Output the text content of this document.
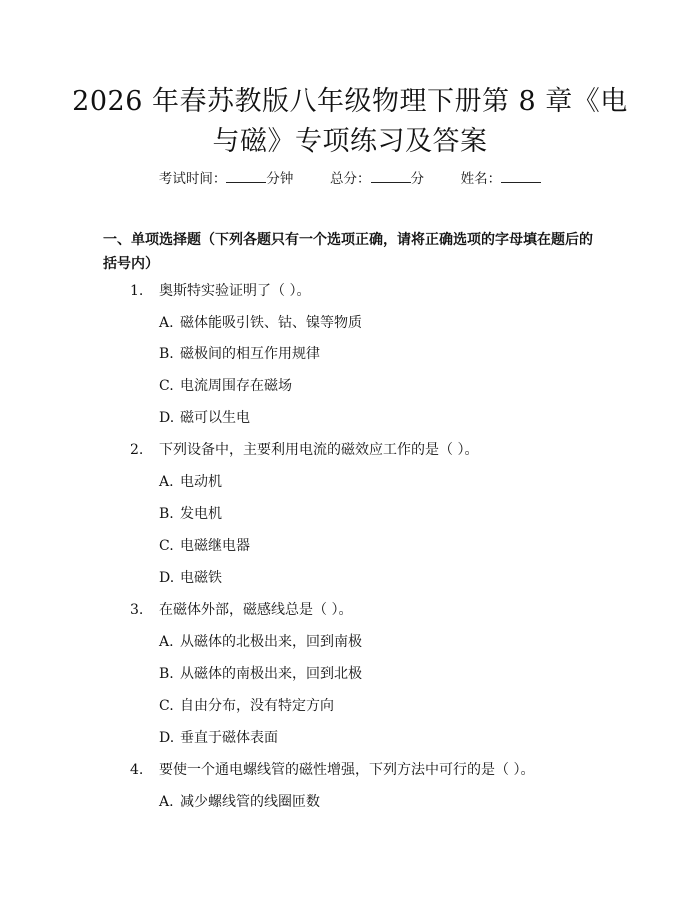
2026 年春苏教版八年级物理下册第 8 章《电
与磁》专项练习及答案
考试时间：	分钟	总分：	分	姓名：
一、单项选择题（下列各题只有一个选项正确，请将正确选项的字母填在题后的括号内）
1. 奥斯特实验证明了（ ）。
A. 磁体能吸引铁、钴、镍等物质
B. 磁极间的相互作用规律
C. 电流周围存在磁场
D. 磁可以生电
2. 下列设备中，主要利用电流的磁效应工作的是（ ）。
A. 电动机
B. 发电机
C. 电磁继电器
D. 电磁铁
3. 在磁体外部，磁感线总是（ ）。
A. 从磁体的北极出来，回到南极
B. 从磁体的南极出来，回到北极
C. 自由分布，没有特定方向
D. 垂直于磁体表面
4. 要使一个通电螺线管的磁性增强，下列方法中可行的是（ ）。
A. 减少螺线管的线圈匝数
